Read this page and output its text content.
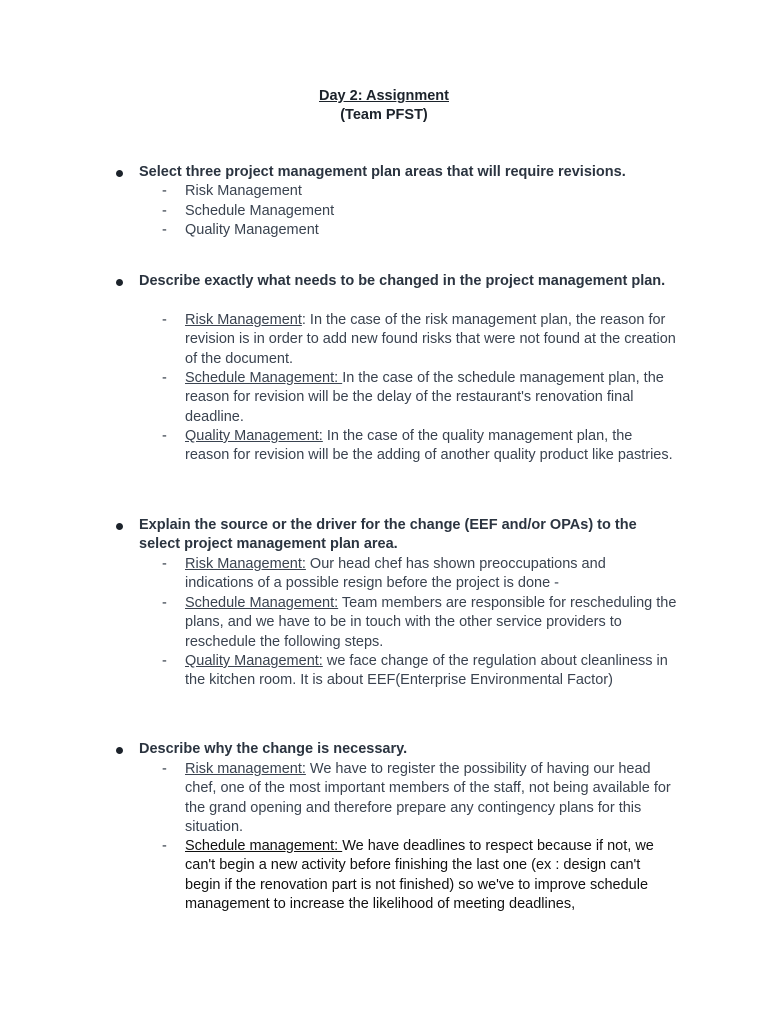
Day 2: Assignment
(Team PFST)
Select three project management plan areas that will require revisions.
- Risk Management
- Schedule Management
- Quality Management
Describe exactly what needs to be changed in the project management plan.
- Risk Management: In the case of the risk management plan, the reason for revision is in order to add new found risks that were not found at the creation of the document.
- Schedule Management: In the case of the schedule management plan, the reason for revision will be the delay of the restaurant's renovation final deadline.
- Quality Management: In the case of the quality management plan, the reason for revision will be the adding of another quality product like pastries.
Explain the source or the driver for the change (EEF and/or OPAs) to the select project management plan area.
- Risk Management: Our head chef has shown preoccupations and indications of a possible resign before the project is done -
- Schedule Management: Team members are responsible for rescheduling the plans, and we have to be in touch with the other service providers to reschedule the following steps.
- Quality Management: we face change of the regulation about cleanliness in the kitchen room. It is about EEF(Enterprise Environmental Factor)
Describe why the change is necessary.
- Risk management: We have to register the possibility of having our head chef, one of the most important members of the staff, not being available for the grand opening and therefore prepare any contingency plans for this situation.
- Schedule management: We have deadlines to respect because if not, we can't begin a new activity before finishing the last one (ex : design can't begin if the renovation part is not finished) so we've to improve schedule management to increase the likelihood of meeting deadlines,
